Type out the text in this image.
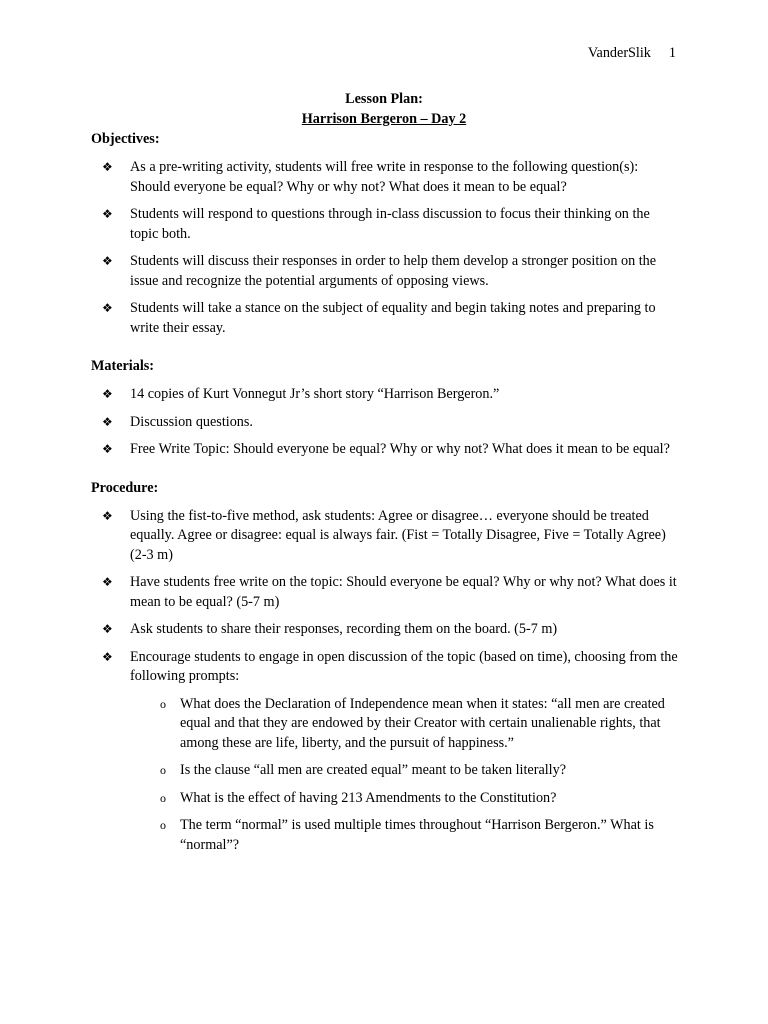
VanderSlik 1
Lesson Plan:
Harrison Bergeron – Day 2
Objectives:
❖ As a pre-writing activity, students will free write in response to the following question(s): Should everyone be equal? Why or why not? What does it mean to be equal?
❖ Students will respond to questions through in-class discussion to focus their thinking on the topic both.
❖ Students will discuss their responses in order to help them develop a stronger position on the issue and recognize the potential arguments of opposing views.
❖ Students will take a stance on the subject of equality and begin taking notes and preparing to write their essay.
Materials:
❖ 14 copies of Kurt Vonnegut Jr’s short story “Harrison Bergeron.”
❖ Discussion questions.
❖ Free Write Topic: Should everyone be equal? Why or why not? What does it mean to be equal?
Procedure:
❖ Using the fist-to-five method, ask students: Agree or disagree… everyone should be treated equally. Agree or disagree: equal is always fair. (Fist = Totally Disagree, Five = Totally Agree) (2-3 m)
❖ Have students free write on the topic: Should everyone be equal? Why or why not? What does it mean to be equal? (5-7 m)
❖ Ask students to share their responses, recording them on the board. (5-7 m)
❖ Encourage students to engage in open discussion of the topic (based on time), choosing from the following prompts:
o What does the Declaration of Independence mean when it states: “all men are created equal and that they are endowed by their Creator with certain unalienable rights, that among these are life, liberty, and the pursuit of happiness.”
o Is the clause “all men are created equal” meant to be taken literally?
o What is the effect of having 213 Amendments to the Constitution?
o The term “normal” is used multiple times throughout “Harrison Bergeron.” What is “normal”?
